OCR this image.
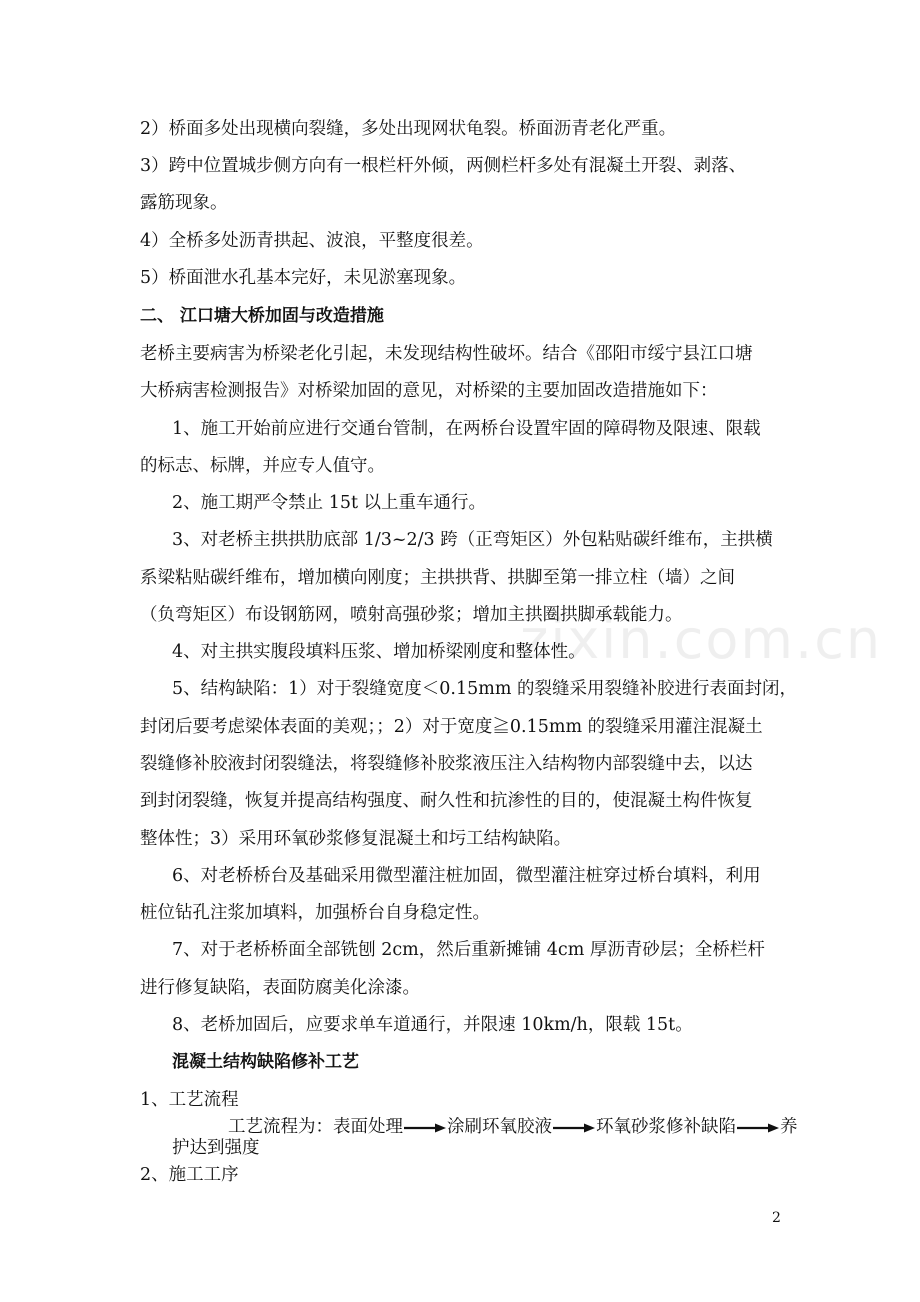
2）桥面多处出现横向裂缝，多处出现网状龟裂。桥面沥青老化严重。
3）跨中位置城步侧方向有一根栏杆外倾，两侧栏杆多处有混凝土开裂、剥落、
露筋现象。
4）全桥多处沥青拱起、波浪，平整度很差。
5）桥面泄水孔基本完好，未见淤塞现象。
二、 江口塘大桥加固与改造措施
老桥主要病害为桥梁老化引起，未发现结构性破坏。结合《邵阳市绥宁县江口塘
大桥病害检测报告》对桥梁加固的意见，对桥梁的主要加固改造措施如下：
1、施工开始前应进行交通台管制，在两桥台设置牢固的障碍物及限速、限载
的标志、标牌，并应专人值守。
2、施工期严令禁止 15t 以上重车通行。
3、对老桥主拱拱肋底部 1/3~2/3 跨（正弯矩区）外包粘贴碳纤维布，主拱横
系梁粘贴碳纤维布，增加横向刚度；主拱拱背、拱脚至第一排立柱（墙）之间
（负弯矩区）布设钢筋网，喷射高强砂浆；增加主拱圈拱脚承载能力。
4、对主拱实腹段填料压浆、增加桥梁刚度和整体性。
5、结构缺陷：1）对于裂缝宽度＜0.15mm 的裂缝采用裂缝补胶进行表面封闭，
封闭后要考虑梁体表面的美观；；2）对于宽度≧0.15mm 的裂缝采用灌注混凝土
裂缝修补胶液封闭裂缝法，将裂缝修补胶浆液压注入结构物内部裂缝中去，以达
到封闭裂缝，恢复并提高结构强度、耐久性和抗渗性的目的，使混凝土构件恢复
整体性；3）采用环氧砂浆修复混凝土和圬工结构缺陷。
6、对老桥桥台及基础采用微型灌注桩加固，微型灌注桩穿过桥台填料，利用
桩位钻孔注浆加填料，加强桥台自身稳定性。
7、对于老桥桥面全部铣刨 2cm，然后重新摊铺 4cm 厚沥青砂层；全桥栏杆
进行修复缺陷，表面防腐美化涂漆。
8、老桥加固后，应要求单车道通行，并限速 10km/h，限载 15t。
混凝土结构缺陷修补工艺
1、工艺流程
工艺流程为：表面处理	涂刷环氧胶液	环氧砂浆修补缺陷	养
护达到强度
2、施工工序
zixin.com.cn
2
